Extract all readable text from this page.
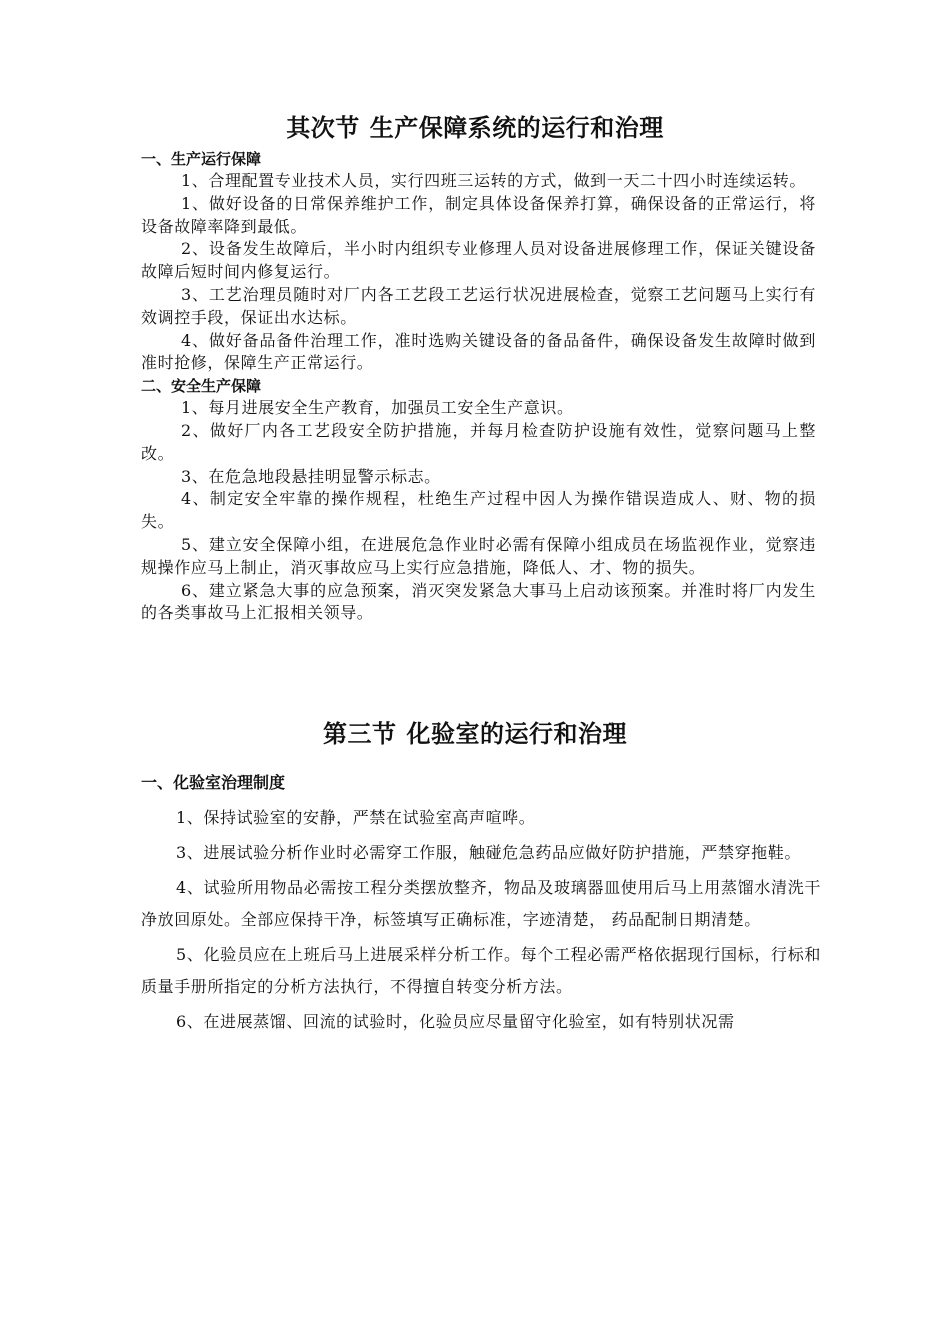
其次节 生产保障系统的运行和治理

一、生产运行保障

1、合理配置专业技术人员，实行四班三运转的方式，做到一天二十四小时连续运转。

1、做好设备的日常保养维护工作，制定具体设备保养打算，确保设备的正常运行，将设备故障率降到最低。

2、设备发生故障后，半小时内组织专业修理人员对设备进展修理工作，保证关键设备故障后短时间内修复运行。

3、工艺治理员随时对厂内各工艺段工艺运行状况进展检查，觉察工艺问题马上实行有效调控手段，保证出水达标。

4、做好备品备件治理工作，准时选购关键设备的备品备件，确保设备发生故障时做到准时抢修，保障生产正常运行。

二、安全生产保障

1、每月进展安全生产教育，加强员工安全生产意识。

2、做好厂内各工艺段安全防护措施，并每月检查防护设施有效性，觉察问题马上整改。

3、在危急地段悬挂明显警示标志。

4、制定安全牢靠的操作规程，杜绝生产过程中因人为操作错误造成人、财、物的损失。

5、建立安全保障小组，在进展危急作业时必需有保障小组成员在场监视作业，觉察违规操作应马上制止，消灭事故应马上实行应急措施，降低人、才、物的损失。

6、建立紧急大事的应急预案，消灭突发紧急大事马上启动该预案。并准时将厂内发生的各类事故马上汇报相关领导。

第三节 化验室的运行和治理

一、化验室治理制度

1、保持试验室的安静，严禁在试验室高声喧哗。

3、进展试验分析作业时必需穿工作服，触碰危急药品应做好防护措施，严禁穿拖鞋。

4、试验所用物品必需按工程分类摆放整齐，物品及玻璃器皿使用后马上用蒸馏水清洗干净放回原处。全部应保持干净，标签填写正确标准，字迹清楚， 药品配制日期清楚。

5、化验员应在上班后马上进展采样分析工作。每个工程必需严格依据现行国标，行标和质量手册所指定的分析方法执行，不得擅自转变分析方法。

6、在进展蒸馏、回流的试验时，化验员应尽量留守化验室，如有特别状况需
